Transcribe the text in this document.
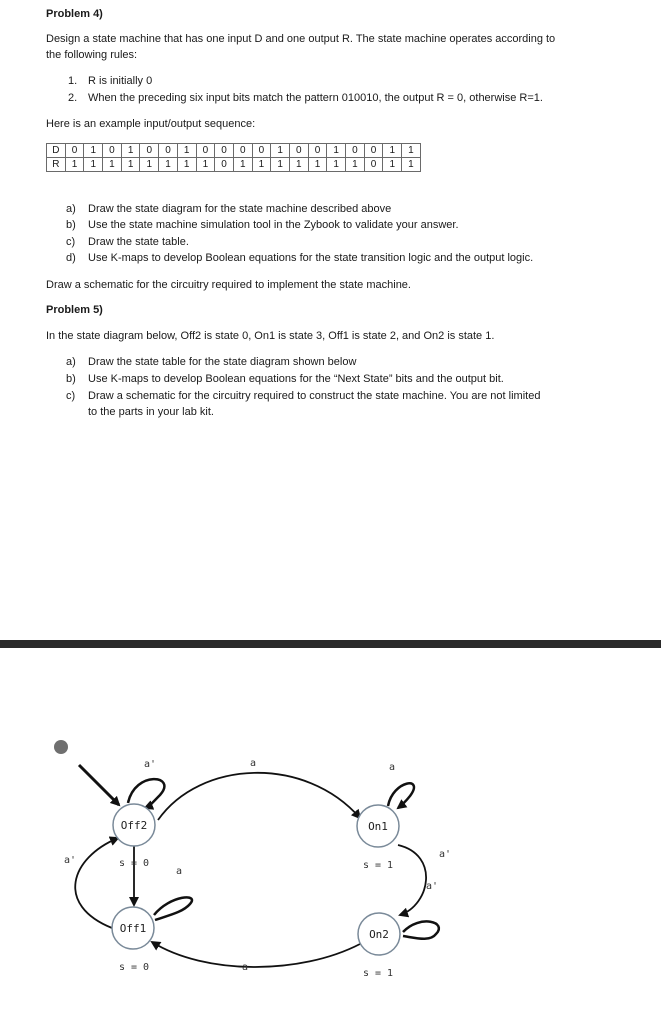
Problem 4)
Design a state machine that has one input D and one output R. The state machine operates according to
the following rules:
1. R is initially 0
2. When the preceding six input bits match the pattern 010010, the output R = 0, otherwise R=1.
Here is an example input/output sequence:
D	0	1	0	1	0	0	1	0	0	0	0	1	0	0	1	0	0	1	1
R	1	1	1	1	1	1	1	1	0	1	1	1	1	1	1	1	0	1	1
a) Draw the state diagram for the state machine described above
b) Use the state machine simulation tool in the Zybook to validate your answer.
c) Draw the state table.
d) Use K-maps to develop Boolean equations for the state transition logic and the output logic.
Draw a schematic for the circuitry required to implement the state machine.
Problem 5)
In the state diagram below, Off2 is state 0, On1 is state 3, Off1 is state 2, and On2 is state 1.
a) Draw the state table for the state diagram shown below
b) Use K-maps to develop Boolean equations for the “Next State” bits and the output bit.
c) Draw a schematic for the circuitry required to construct the state machine. You are not limited
to the parts in your lab kit.
Off2	On1
Off1	On2
s = 0	s = 1
s = 0
s = 1
a'	a	a
a'
a
a'
a'
a
